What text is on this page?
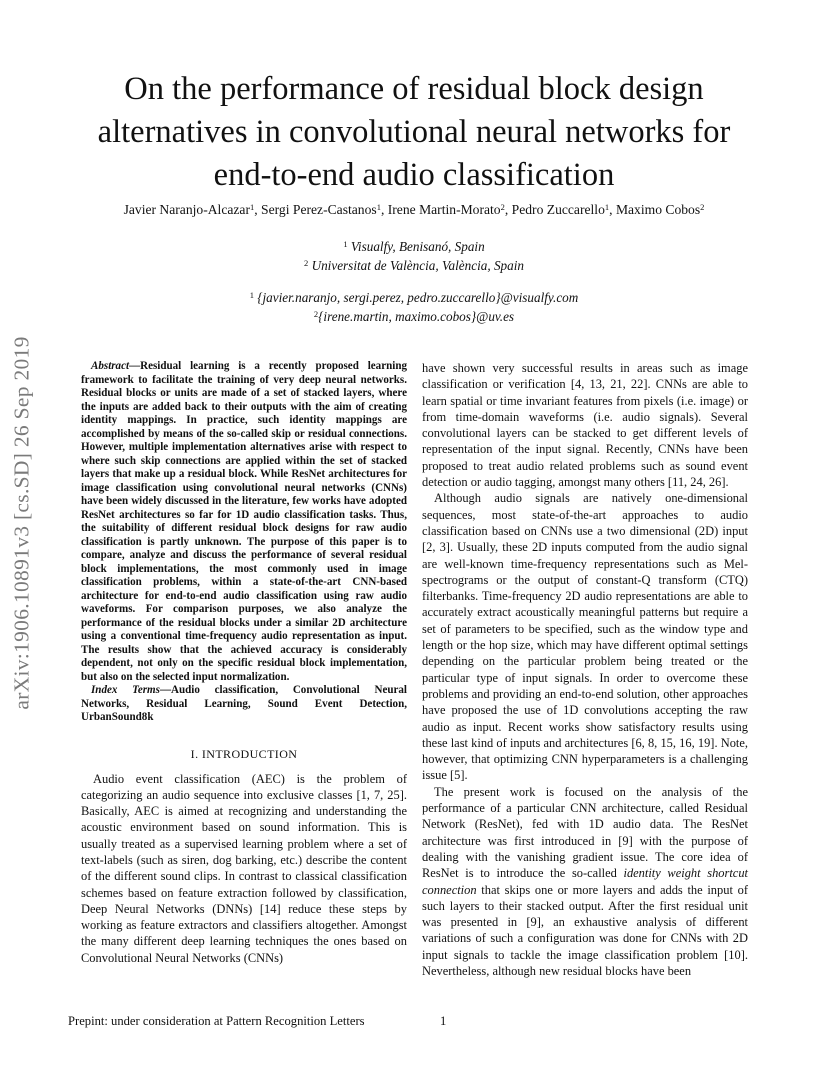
arXiv:1906.10891v3 [cs.SD] 26 Sep 2019
On the performance of residual block design
alternatives in convolutional neural networks for
end-to-end audio classification
Javier Naranjo-Alcazar$^1$, Sergi Perez-Castanos$^1$, Irene Martin-Morato$^2$, Pedro Zuccarello$^1$, Maximo Cobos$^2$
$^1$ Visualfy, Benisanó, Spain
$^2$ Universitat de València, València, Spain
$^1$ {javier.naranjo, sergi.perez, pedro.zuccarello}@visualfy.com
$^2${irene.martin, maximo.cobos}@uv.es

Abstract—Residual learning is a recently proposed learning framework to facilitate the training of very deep neural networks. Residual blocks or units are made of a set of stacked layers, where the inputs are added back to their outputs with the aim of creating identity mappings. In practice, such identity mappings are accomplished by means of the so-called skip or residual connections. However, multiple implementation alternatives arise with respect to where such skip connections are applied within the set of stacked layers that make up a residual block. While ResNet architectures for image classification using convolutional neural networks (CNNs) have been widely discussed in the literature, few works have adopted ResNet architectures so far for 1D audio classification tasks. Thus, the suitability of different residual block designs for raw audio classification is partly unknown. The purpose of this paper is to compare, analyze and discuss the performance of several residual block implementations, the most commonly used in image classification problems, within a state-of-the-art CNN-based architecture for end-to-end audio classification using raw audio waveforms. For comparison purposes, we also analyze the performance of the residual blocks under a similar 2D architecture using a conventional time-frequency audio representation as input. The results show that the achieved accuracy is considerably dependent, not only on the specific residual block implementation, but also on the selected input normalization.

Index Terms—Audio classification, Convolutional Neural Networks, Residual Learning, Sound Event Detection, UrbanSound8k

I. INTRODUCTION

Audio event classification (AEC) is the problem of categorizing an audio sequence into exclusive classes [1, 7, 25]. Basically, AEC is aimed at recognizing and understanding the acoustic environment based on sound information. This is usually treated as a supervised learning problem where a set of text-labels (such as siren, dog barking, etc.) describe the content of the different sound clips. In contrast to classical classification schemes based on feature extraction followed by classification, Deep Neural Networks (DNNs) [14] reduce these steps by working as feature extractors and classifiers altogether. Amongst the many different deep learning techniques the ones based on Convolutional Neural Networks (CNNs)

have shown very successful results in areas such as image classification or verification [4, 13, 21, 22]. CNNs are able to learn spatial or time invariant features from pixels (i.e. image) or from time-domain waveforms (i.e. audio signals). Several convolutional layers can be stacked to get different levels of representation of the input signal. Recently, CNNs have been proposed to treat audio related problems such as sound event detection or audio tagging, amongst many others [11, 24, 26].

Although audio signals are natively one-dimensional sequences, most state-of-the-art approaches to audio classification based on CNNs use a two dimensional (2D) input [2, 3]. Usually, these 2D inputs computed from the audio signal are well-known time-frequency representations such as Mel-spectrograms or the output of constant-Q transform (CTQ) filterbanks. Time-frequency 2D audio representations are able to accurately extract acoustically meaningful patterns but require a set of parameters to be specified, such as the window type and length or the hop size, which may have different optimal settings depending on the particular problem being treated or the particular type of input signals. In order to overcome these problems and providing an end-to-end solution, other approaches have proposed the use of 1D convolutions accepting the raw audio as input. Recent works show satisfactory results using these last kind of inputs and architectures [6, 8, 15, 16, 19]. Note, however, that optimizing CNN hyperparameters is a challenging issue [5].

The present work is focused on the analysis of the performance of a particular CNN architecture, called Residual Network (ResNet), fed with 1D audio data. The ResNet architecture was first introduced in [9] with the purpose of dealing with the vanishing gradient issue. The core idea of ResNet is to introduce the so-called identity weight shortcut connection that skips one or more layers and adds the input of such layers to their stacked output. After the first residual unit was presented in [9], an exhaustive analysis of different variations of such a configuration was done for CNNs with 2D input signals to tackle the image classification problem [10]. Nevertheless, although new residual blocks have been

Prepint: under consideration at Pattern Recognition Letters	1
